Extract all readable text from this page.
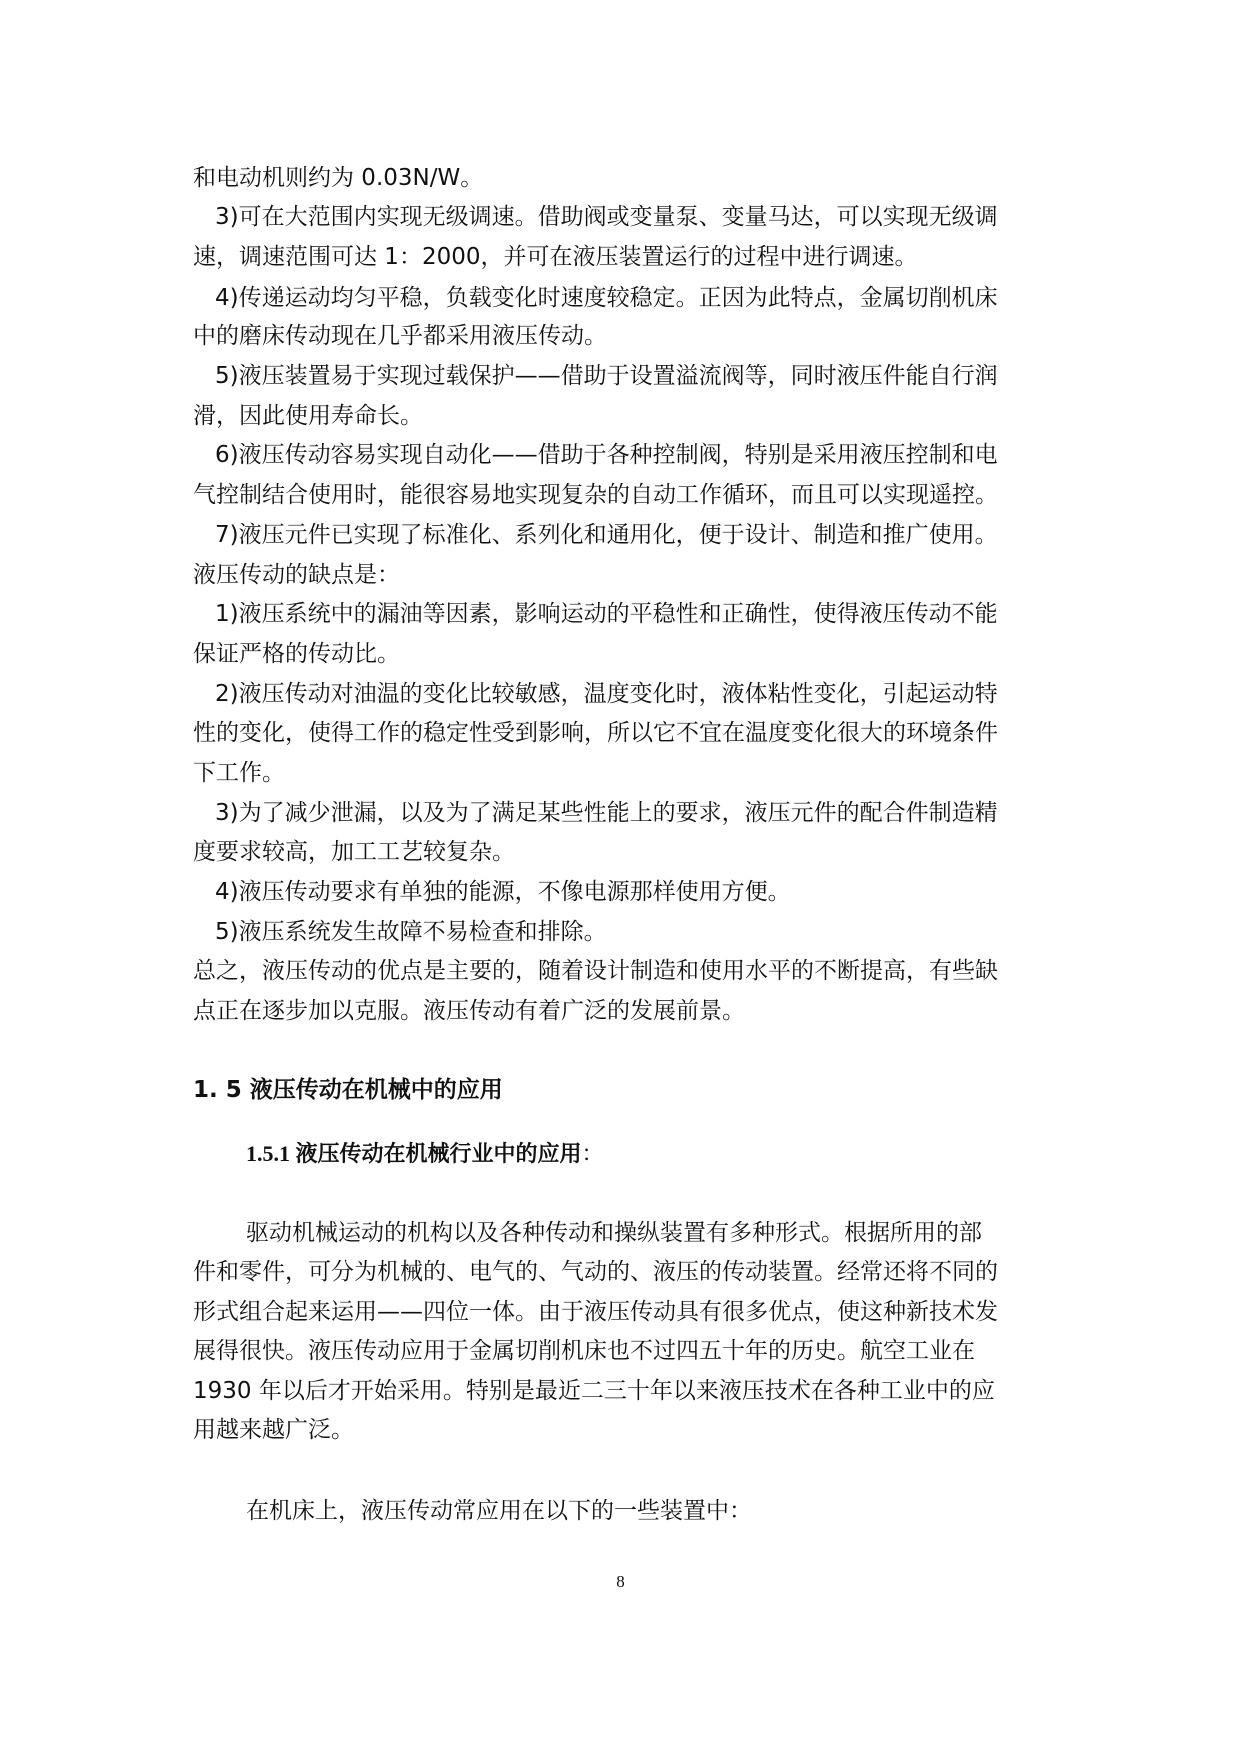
和电动机则约为 0.03N/W。
3)可在大范围内实现无级调速。借助阀或变量泵、变量马达，可以实现无级调
速，调速范围可达 1：2000，并可在液压装置运行的过程中进行调速。
4)传递运动均匀平稳，负载变化时速度较稳定。正因为此特点，金属切削机床
中的磨床传动现在几乎都采用液压传动。
5)液压装置易于实现过载保护——借助于设置溢流阀等，同时液压件能自行润
滑，因此使用寿命长。
6)液压传动容易实现自动化——借助于各种控制阀，特别是采用液压控制和电
气控制结合使用时，能很容易地实现复杂的自动工作循环，而且可以实现遥控。
7)液压元件已实现了标准化、系列化和通用化，便于设计、制造和推广使用。
液压传动的缺点是：
1)液压系统中的漏油等因素，影响运动的平稳性和正确性，使得液压传动不能
保证严格的传动比。
2)液压传动对油温的变化比较敏感，温度变化时，液体粘性变化，引起运动特
性的变化，使得工作的稳定性受到影响，所以它不宜在温度变化很大的环境条件
下工作。
3)为了减少泄漏，以及为了满足某些性能上的要求，液压元件的配合件制造精
度要求较高，加工工艺较复杂。
4)液压传动要求有单独的能源，不像电源那样使用方便。
5)液压系统发生故障不易检查和排除。
总之，液压传动的优点是主要的，随着设计制造和使用水平的不断提高，有些缺
点正在逐步加以克服。液压传动有着广泛的发展前景。
1. 5 液压传动在机械中的应用
1.5.1 液压传动在机械行业中的应用：
驱动机械运动的机构以及各种传动和操纵装置有多种形式。根据所用的部
件和零件，可分为机械的、电气的、气动的、液压的传动装置。经常还将不同的
形式组合起来运用——四位一体。由于液压传动具有很多优点，使这种新技术发
展得很快。液压传动应用于金属切削机床也不过四五十年的历史。航空工业在
1930 年以后才开始采用。特别是最近二三十年以来液压技术在各种工业中的应
用越来越广泛。
在机床上，液压传动常应用在以下的一些装置中：
8
